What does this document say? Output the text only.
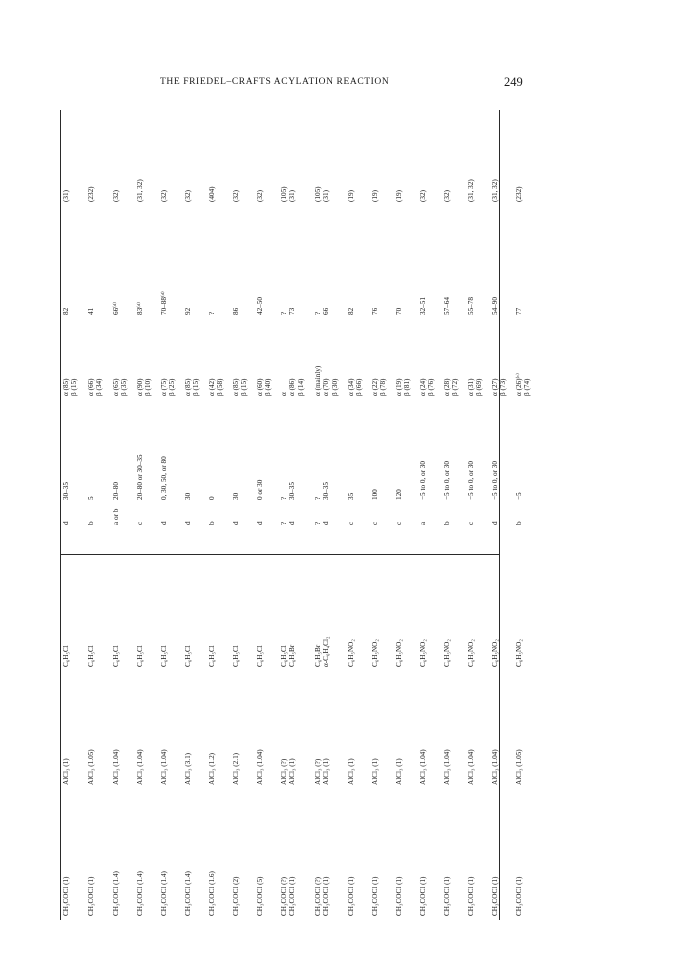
THE FRIEDEL–CRAFTS ACYLATION REACTION	249
CH₃COCl (1)
AlCl₃ (1)
C₆H₅Cl
d
30–35
α (85)
β (15)
82
(31)
CH₃COCl (1)
AlCl₃ (1.05)
C₆H₅Cl
b
5
α (66)
β (34)
41
(232)
CH₃COCl (1.4)
AlCl₃ (1.04)
C₆H₅Cl
a or b
20–80
α (65)
β (35)
66⁽ᵈ⁾
(32)
CH₃COCl (1.4)
AlCl₃ (1.04)
C₆H₅Cl
c
20–80 or 30–35
α (90)
β (10)
83⁽ᵈ⁾
(31, 32)
CH₃COCl (1.4)
AlCl₃ (1.04)
C₆H₅Cl
d
0, 30, 50, or 80
α (75)
β (25)
70–88⁽ᵈ⁾
(32)
CH₃COCl (1.4)
AlCl₃ (3.1)
C₆H₅Cl
d
30
α (85)
β (15)
92
(32)
CH₃COCl (1.6)
AlCl₃ (1.2)
C₆H₅Cl
b
0
α (42)
β (58)
?
(404)
CH₃COCl (2)
AlCl₃ (2.1)
C₆H₅Cl
d
30
α (85)
β (15)
86
(32)
CH₃COCl (5)
AlCl₃ (1.04)
C₆H₅Cl
d
0 or 30
α (60)
β (40)
42–50
(32)
CH₃COCl (?)
CH₃COCl (1)
AlCl₃ (?)
AlCl₃ (1)
C₆H₅Cl
C₆H₅Br
?
d
?
30–35
α
α (86)
β (14)
?
73
(105)
(31)
CH₃COCl (?)
CH₃COCl (1)
AlCl₃ (?)
AlCl₃ (1)
C₆H₅Br
α-C₆H₄Cl₂
?
d
?
30–35
α (mainly)
α (70)
β (30)
?
66
(105)
(31)
CH₃COCl (1)
AlCl₃ (1)
C₆H₅NO₂
c
35
α (34)
β (66)
82
(19)
CH₃COCl (1)
AlCl₃ (1)
C₆H₅NO₂
c
100
α (22)
β (78)
76
(19)
CH₃COCl (1)
AlCl₃ (1)
C₆H₅NO₂
c
120
α (19)
β (81)
70
(19)
CH₃COCl (1)
AlCl₃ (1.04)
C₆H₅NO₂
a
−5 to 0, or 30
α (24)
β (76)
32–51
(32)
CH₃COCl (1)
AlCl₃ (1.04)
C₆H₅NO₂
b
−5 to 0, or 30
α (28)
β (72)
57–64
(32)
CH₃COCl (1)
AlCl₃ (1.04)
C₆H₅NO₂
c
−5 to 0, or 30
α (31)
β (69)
55–78
(31, 32)
CH₃COCl (1)
AlCl₃ (1.04)
C₆H₅NO₂
d
−5 to 0, or 30
α (27)
β (73)
54–90
(31, 32)
CH₃COCl (1)
AlCl₃ (1.05)
C₆H₅NO₂
b
−5
α (26)⁽ᶜ⁾
β (74)
77
(232)
